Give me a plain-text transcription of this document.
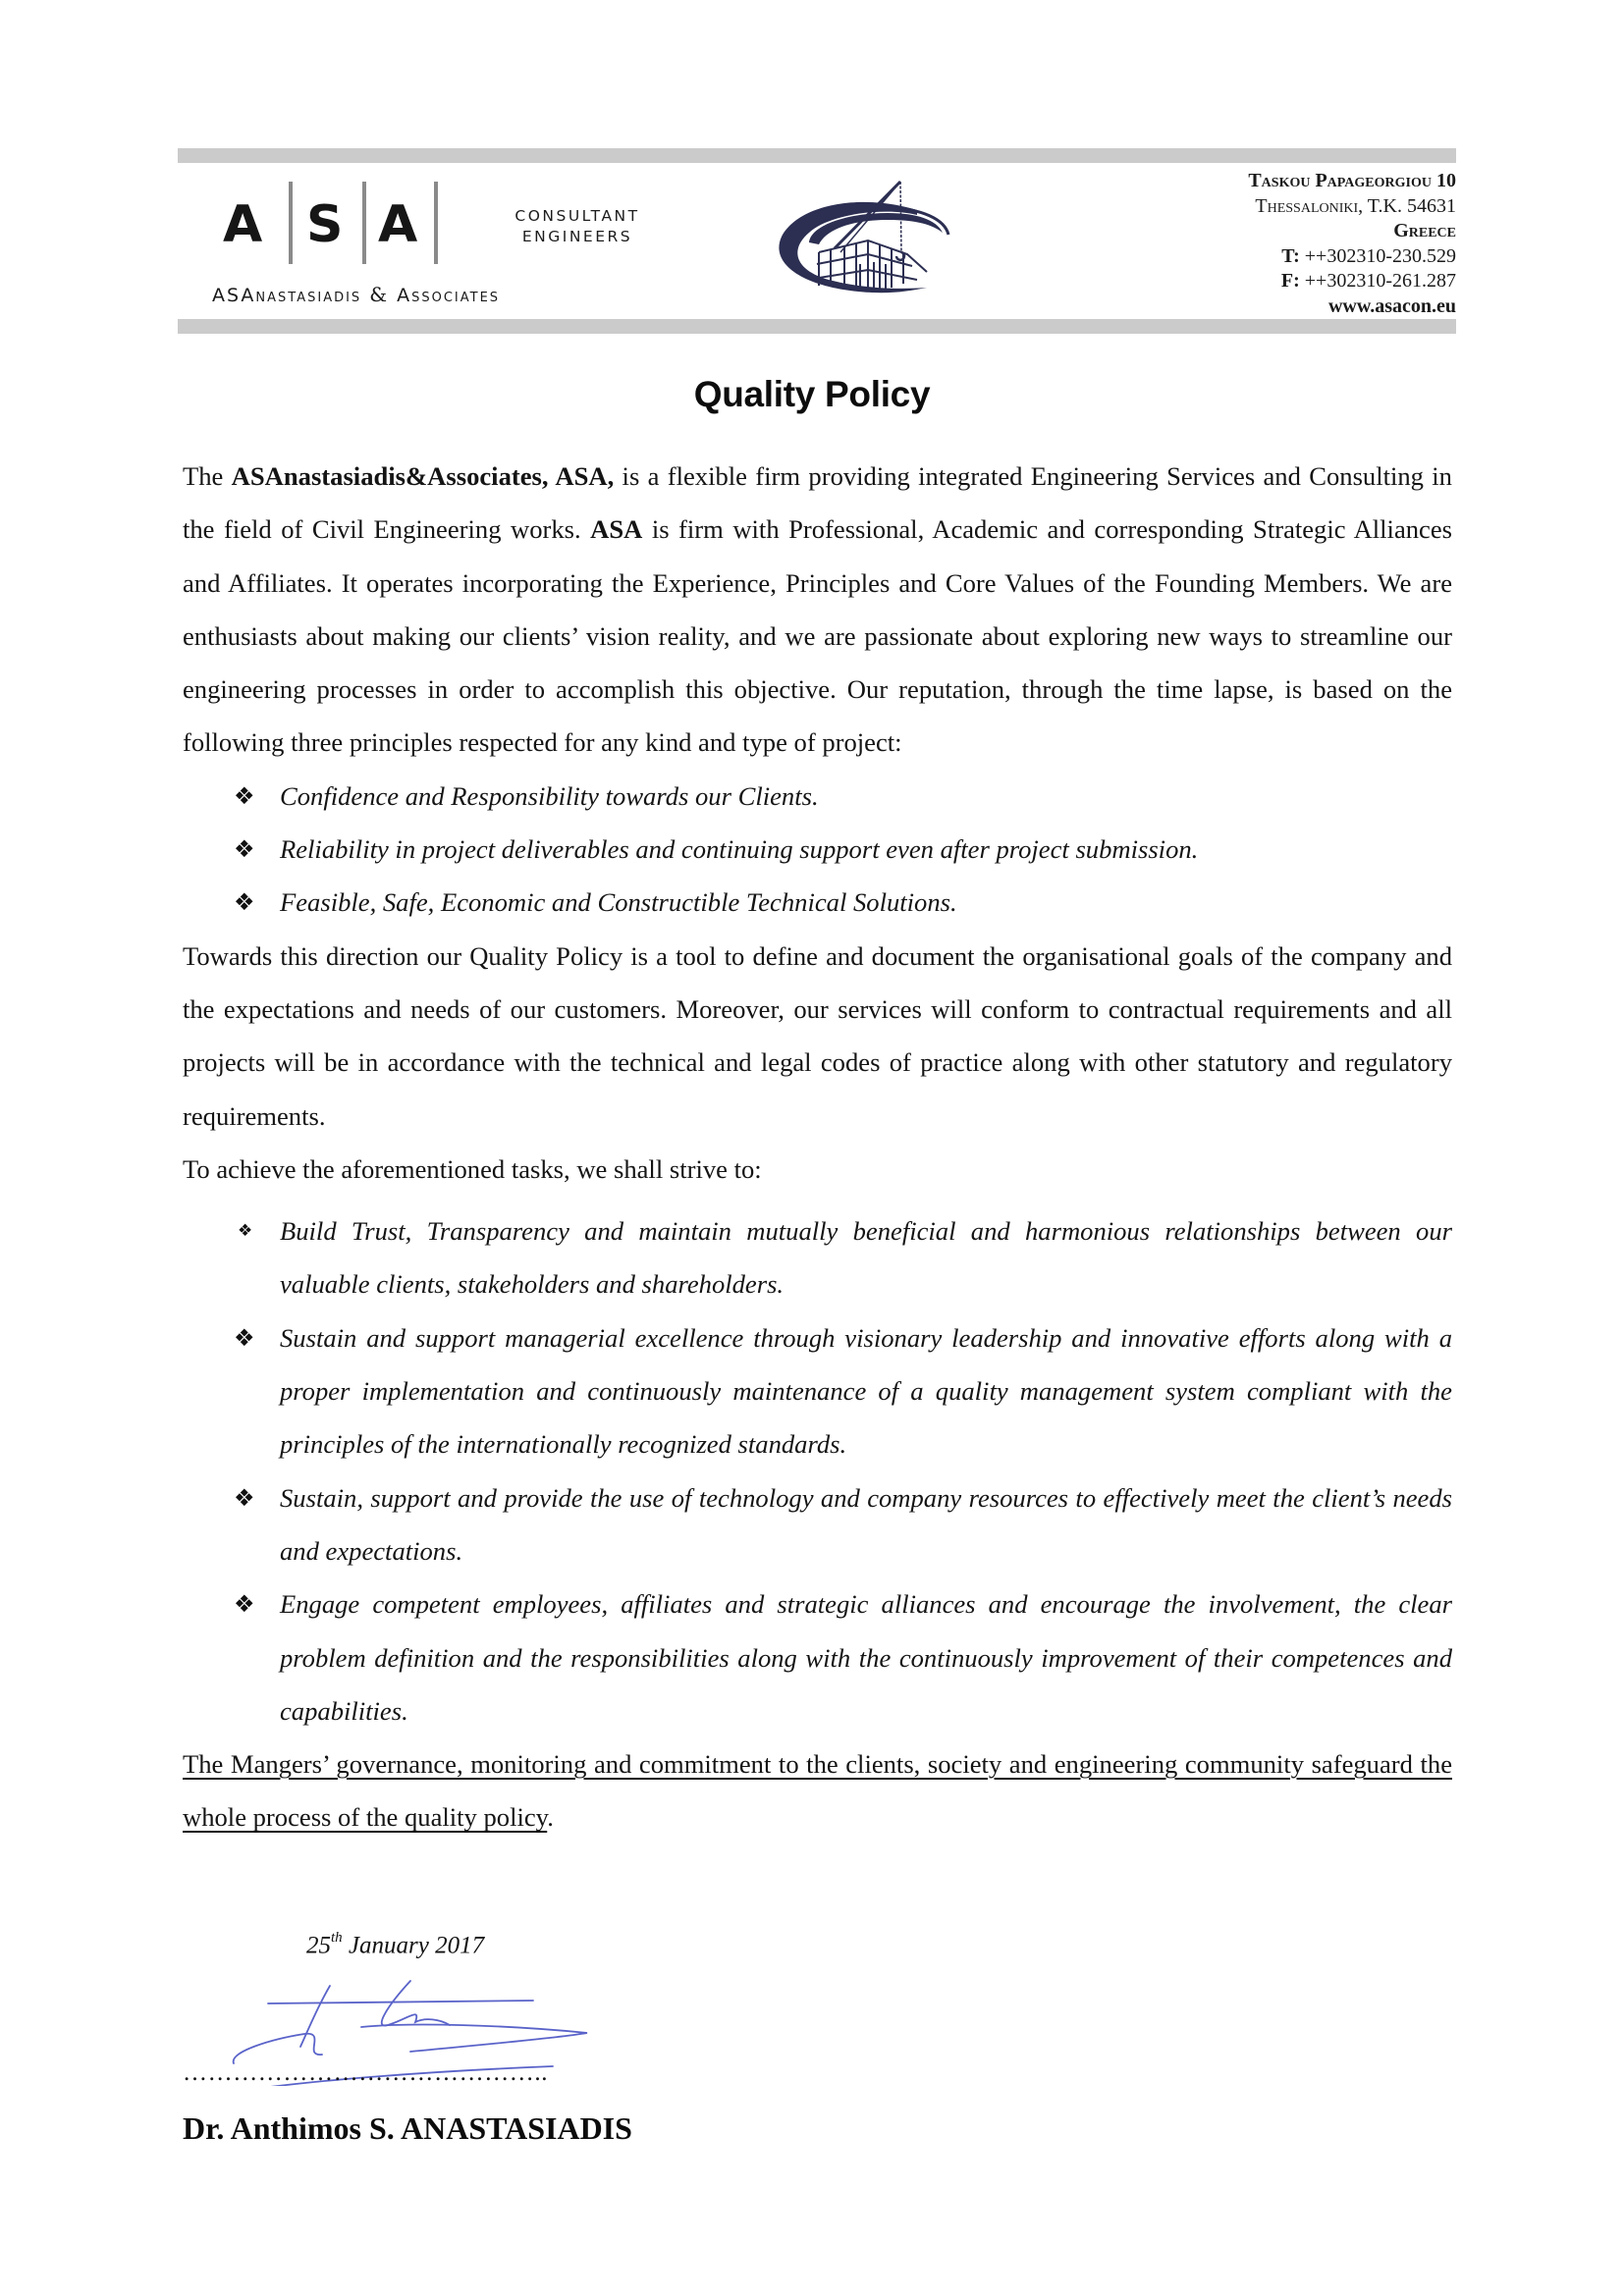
A S A	CONSULTANT
ENGINEERS
ASAnastasiadis & Associates
Taskou Papageorgiou 10
Thessaloniki, T.K. 54631
Greece
T: ++302310-230.529
F: ++302310-261.287
www.asacon.eu
Quality Policy

The ASAnastasiadis&Associates, ASA, is a flexible firm providing integrated Engineering Services and Consulting in the field of Civil Engineering works. ASA is firm with Professional, Academic and corresponding Strategic Alliances and Affiliates. It operates incorporating the Experience, Principles and Core Values of the Founding Members. We are enthusiasts about making our clients’ vision reality, and we are passionate about exploring new ways to streamline our engineering processes in order to accomplish this objective. Our reputation, through the time lapse, is based on the following three principles respected for any kind and type of project:

❖ Confidence and Responsibility towards our Clients.
❖ Reliability in project deliverables and continuing support even after project submission.
❖ Feasible, Safe, Economic and Constructible Technical Solutions.

Towards this direction our Quality Policy is a tool to define and document the organisational goals of the company and the expectations and needs of our customers. Moreover, our services will conform to contractual requirements and all projects will be in accordance with the technical and legal codes of practice along with other statutory and regulatory requirements.

To achieve the aforementioned tasks, we shall strive to:

❖ Build Trust, Transparency and maintain mutually beneficial and harmonious relationships between our valuable clients, stakeholders and shareholders.
❖ Sustain and support managerial excellence through visionary leadership and innovative efforts along with a proper implementation and continuously maintenance of a quality management system compliant with the principles of the internationally recognized standards.
❖ Sustain, support and provide the use of technology and company resources to effectively meet the client’s needs and expectations.
❖ Engage competent employees, affiliates and strategic alliances and encourage the involvement, the clear problem definition and the responsibilities along with the continuously improvement of their competences and capabilities.

The Mangers’ governance, monitoring and commitment to the clients, society and engineering community safeguard the whole process of the quality policy.

25th January 2017
……………………………………..
Dr. Anthimos S. ANASTASIADIS
